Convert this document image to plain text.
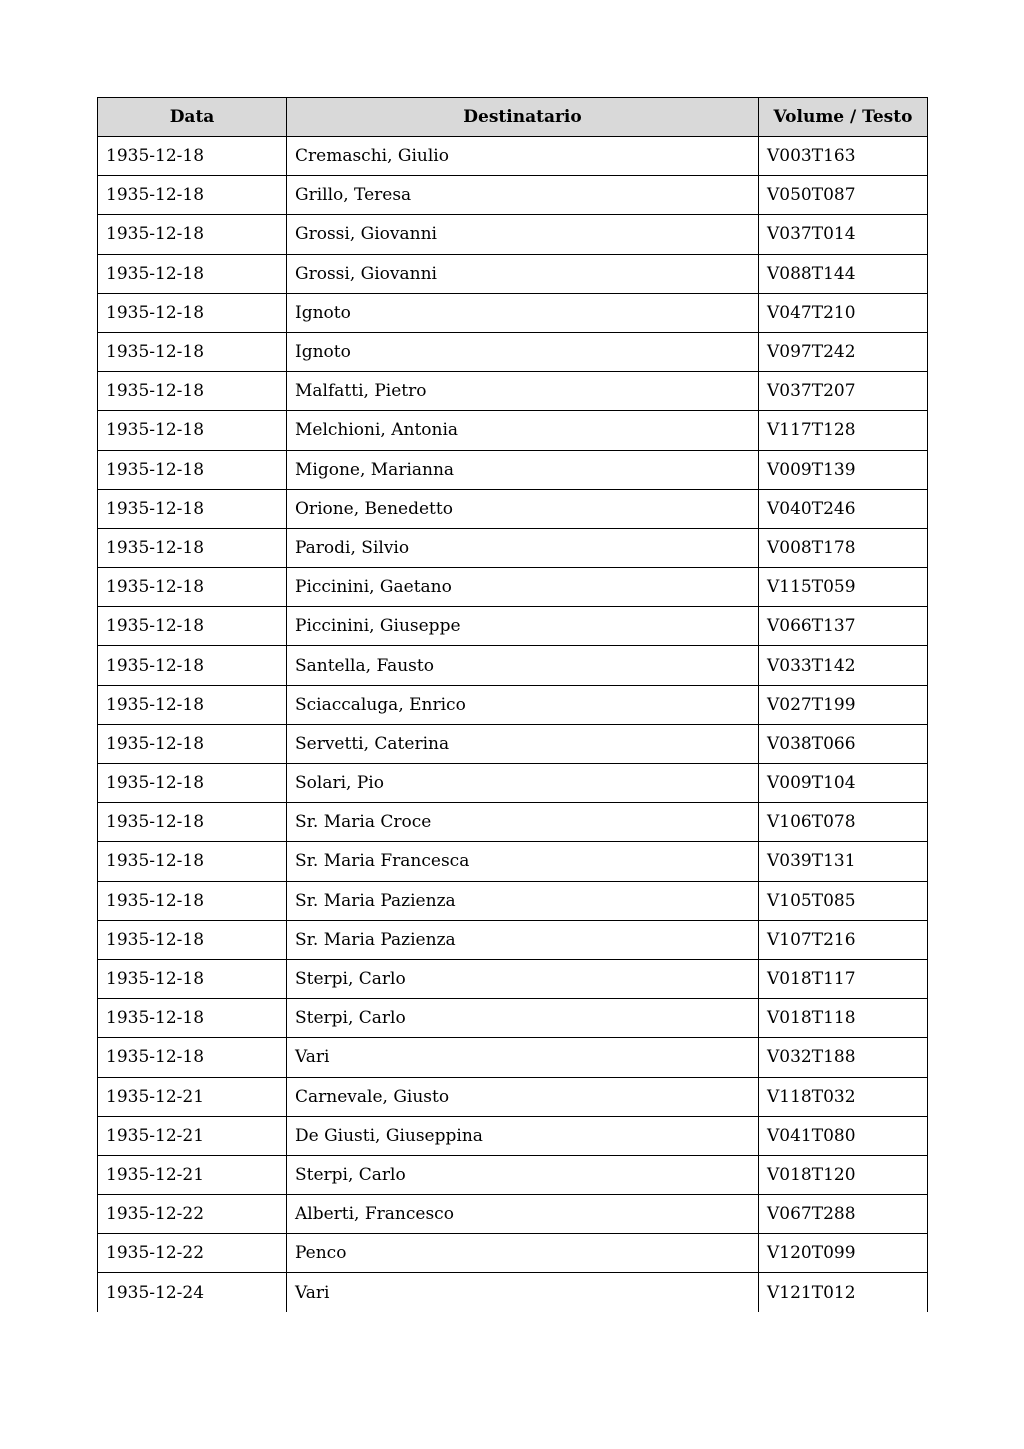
Data	Destinatario	Volume / Testo
1935-12-18	Cremaschi, Giulio	V003T163
1935-12-18	Grillo, Teresa	V050T087
1935-12-18	Grossi, Giovanni	V037T014
1935-12-18	Grossi, Giovanni	V088T144
1935-12-18	Ignoto	V047T210
1935-12-18	Ignoto	V097T242
1935-12-18	Malfatti, Pietro	V037T207
1935-12-18	Melchioni, Antonia	V117T128
1935-12-18	Migone, Marianna	V009T139
1935-12-18	Orione, Benedetto	V040T246
1935-12-18	Parodi, Silvio	V008T178
1935-12-18	Piccinini, Gaetano	V115T059
1935-12-18	Piccinini, Giuseppe	V066T137
1935-12-18	Santella, Fausto	V033T142
1935-12-18	Sciaccaluga, Enrico	V027T199
1935-12-18	Servetti, Caterina	V038T066
1935-12-18	Solari, Pio	V009T104
1935-12-18	Sr. Maria Croce	V106T078
1935-12-18	Sr. Maria Francesca	V039T131
1935-12-18	Sr. Maria Pazienza	V105T085
1935-12-18	Sr. Maria Pazienza	V107T216
1935-12-18	Sterpi, Carlo	V018T117
1935-12-18	Sterpi, Carlo	V018T118
1935-12-18	Vari	V032T188
1935-12-21	Carnevale, Giusto	V118T032
1935-12-21	De Giusti, Giuseppina	V041T080
1935-12-21	Sterpi, Carlo	V018T120
1935-12-22	Alberti, Francesco	V067T288
1935-12-22	Penco	V120T099
1935-12-24	Vari	V121T012
